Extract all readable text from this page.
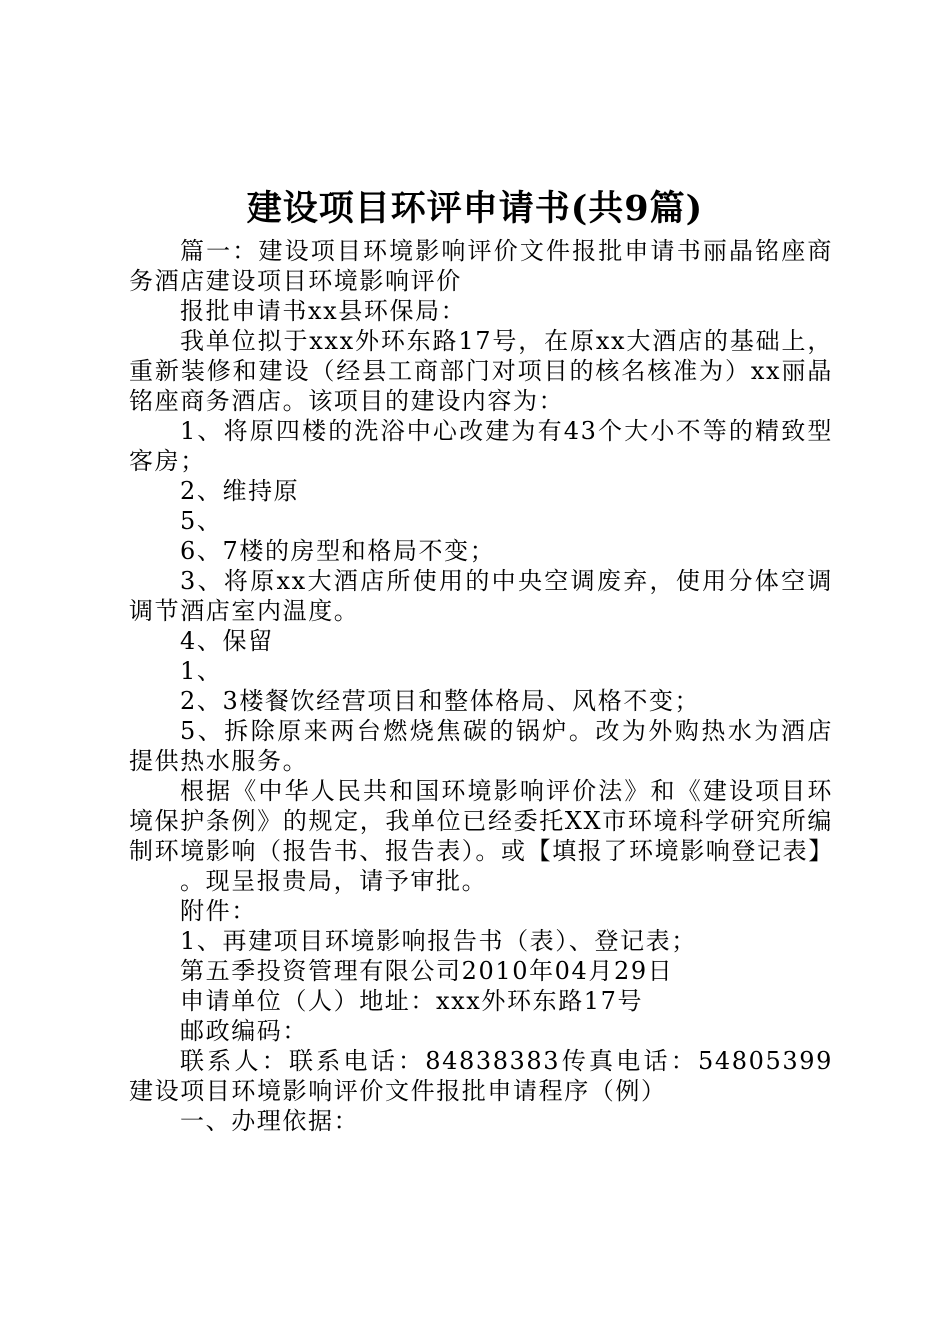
建设项目环评申请书(共9篇)

篇一：建设项目环境影响评价文件报批申请书丽晶铭座商务酒店建设项目环境影响评价

报批申请书xx县环保局：

我单位拟于xxx外环东路17号，在原xx大酒店的基础上，重新装修和建设（经县工商部门对项目的核名核准为）xx丽晶铭座商务酒店。该项目的建设内容为：

1、将原四楼的洗浴中心改建为有43个大小不等的精致型客房；

2、维持原

5、

6、7楼的房型和格局不变；

3、将原xx大酒店所使用的中央空调废弃，使用分体空调调节酒店室内温度。

4、保留

1、

2、3楼餐饮经营项目和整体格局、风格不变；

5、拆除原来两台燃烧焦碳的锅炉。改为外购热水为酒店提供热水服务。

根据《中华人民共和国环境影响评价法》和《建设项目环境保护条例》的规定，我单位已经委托XX市环境科学研究所编制环境影响（报告书、报告表）。或【填报了环境影响登记表】

。现呈报贵局，请予审批。

附件：

1、再建项目环境影响报告书（表）、登记表；

第五季投资管理有限公司2010年04月29日

申请单位（人）地址：xxx外环东路17号

邮政编码：

联系人：联系电话：84838383传真电话：54805399建设项目环境影响评价文件报批申请程序（例）

一、办理依据：
